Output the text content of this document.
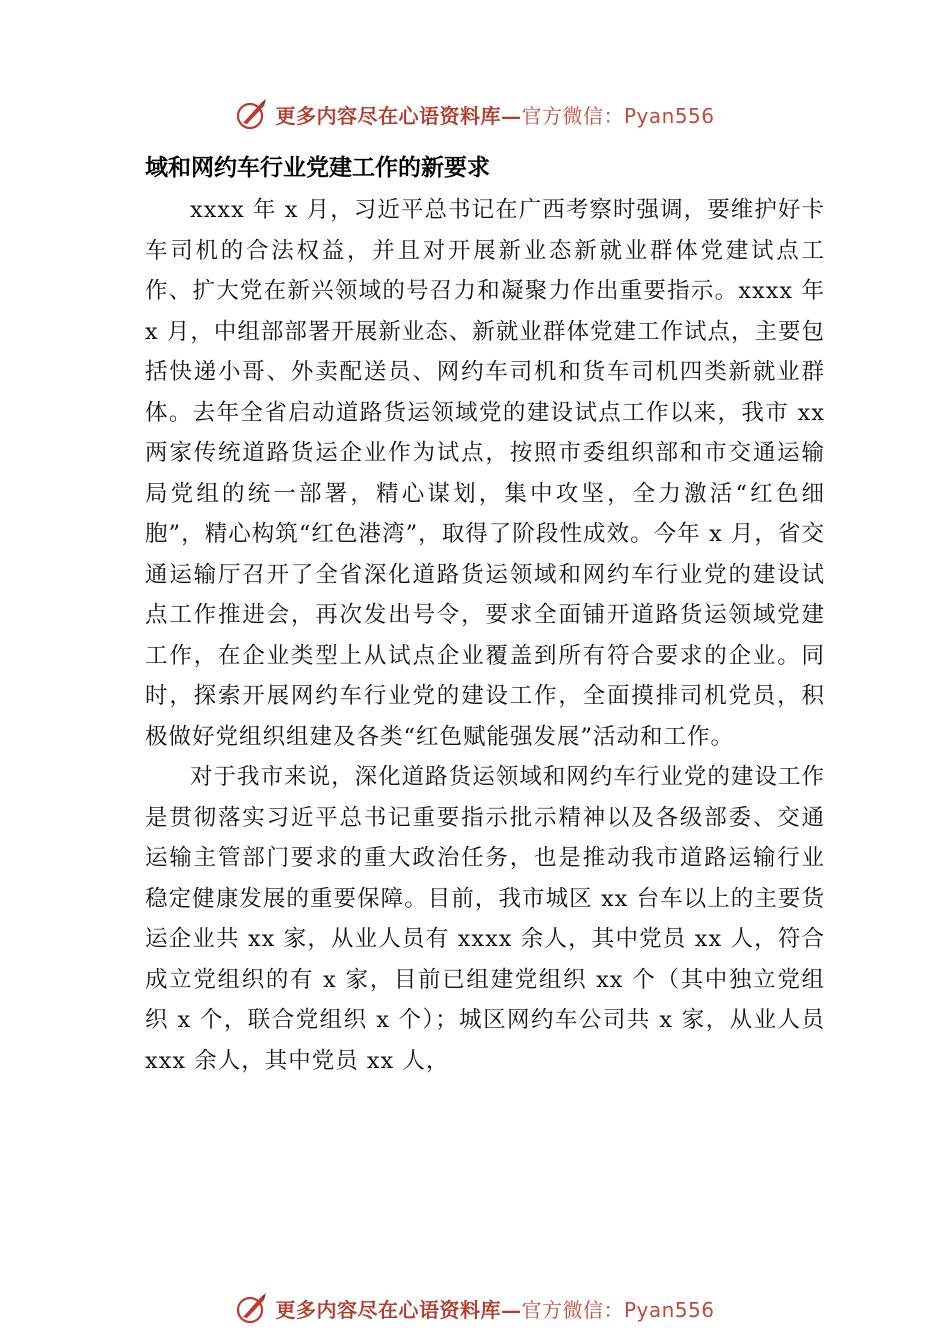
更多内容尽在心语资料库—官方微信：Pyan556
域和网约车行业党建工作的新要求

xxxx 年 x 月，习近平总书记在广西考察时强调，要维护好卡车司机的合法权益，并且对开展新业态新就业群体党建试点工作、扩大党在新兴领域的号召力和凝聚力作出重要指示。xxxx 年 x 月，中组部部署开展新业态、新就业群体党建工作试点，主要包括快递小哥、外卖配送员、网约车司机和货车司机四类新就业群体。去年全省启动道路货运领域党的建设试点工作以来，我市 xx 两家传统道路货运企业作为试点，按照市委组织部和市交通运输局党组的统一部署，精心谋划，集中攻坚，全力激活“红色细胞”，精心构筑“红色港湾”，取得了阶段性成效。今年 x 月，省交通运输厅召开了全省深化道路货运领域和网约车行业党的建设试点工作推进会，再次发出号令，要求全面铺开道路货运领域党建工作，在企业类型上从试点企业覆盖到所有符合要求的企业。同时，探索开展网约车行业党的建设工作，全面摸排司机党员，积极做好党组织组建及各类“红色赋能强发展”活动和工作。

对于我市来说，深化道路货运领域和网约车行业党的建设工作是贯彻落实习近平总书记重要指示批示精神以及各级部委、交通运输主管部门要求的重大政治任务，也是推动我市道路运输行业稳定健康发展的重要保障。目前，我市城区 xx 台车以上的主要货运企业共 xx 家，从业人员有 xxxx 余人，其中党员 xx 人，符合成立党组织的有 x 家，目前已组建党组织 xx 个（其中独立党组织 x 个，联合党组织 x 个）；城区网约车公司共 x 家，从业人员 xxx 余人，其中党员 xx 人，

更多内容尽在心语资料库—官方微信：Pyan556
